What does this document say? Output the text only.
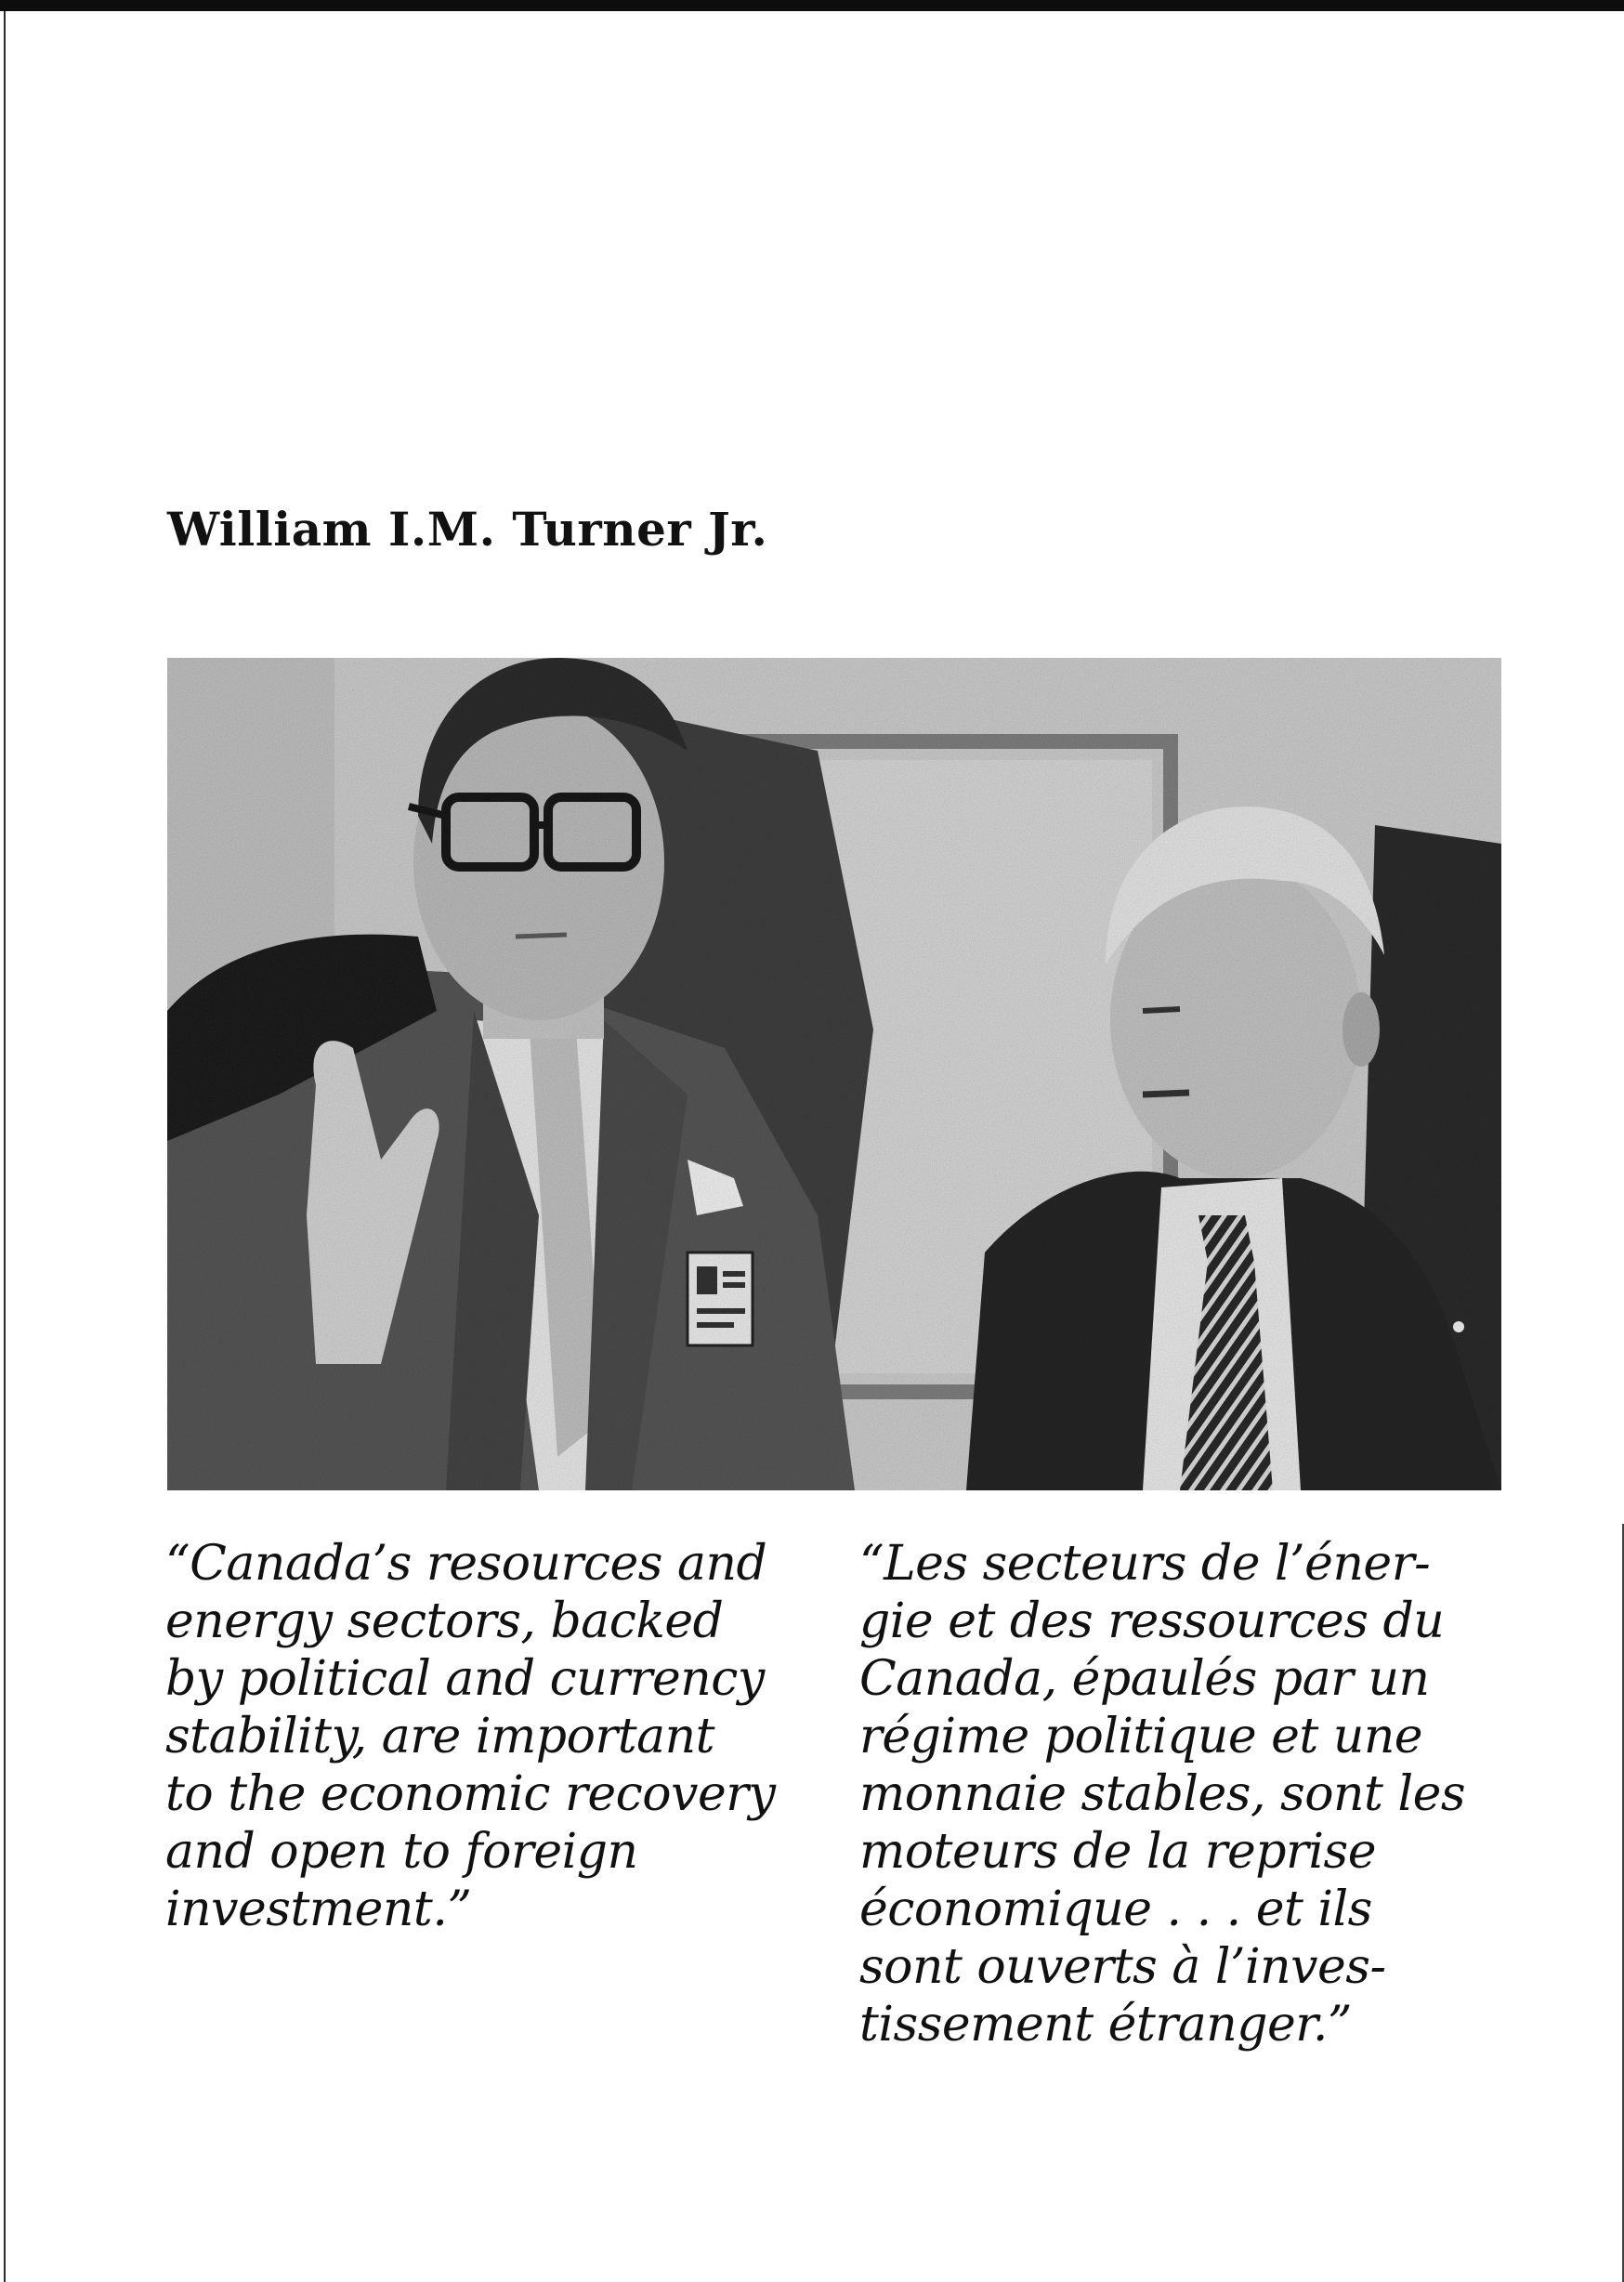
William I.M. Turner Jr.
“Canada’s resources and
energy sectors, backed
by political and currency
stability, are important
to the economic recovery
and open to foreign
investment.”
“Les secteurs de l’éner-
gie et des ressources du
Canada, épaulés par un
régime politique et une
monnaie stables, sont les
moteurs de la reprise
économique . . . et ils
sont ouverts à l’inves-
tissement étranger.”
